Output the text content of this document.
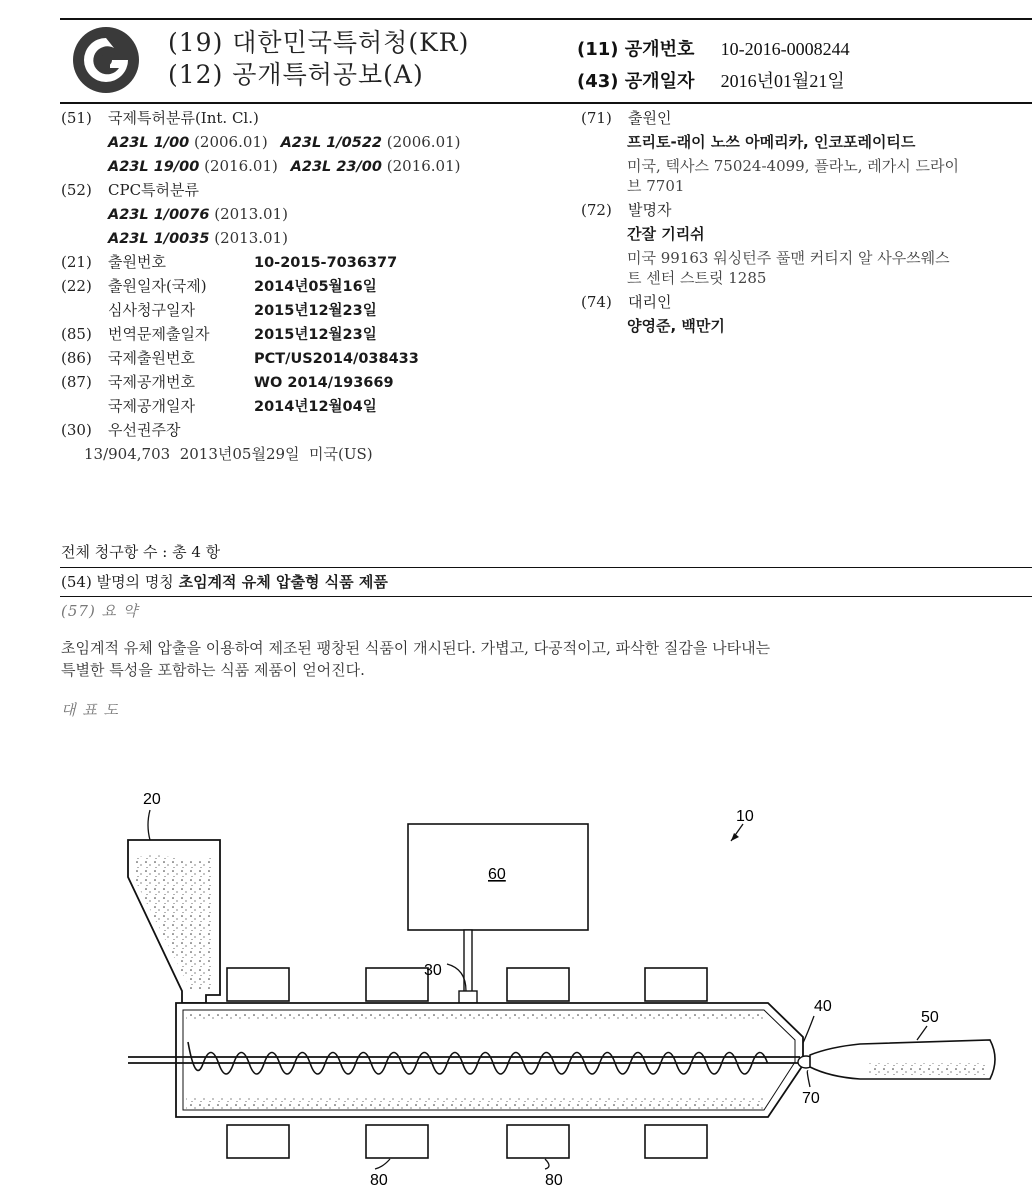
(19) 대한민국특허청(KR)
(12) 공개특허공보(A)
(11) 공개번호 10-2016-0008244
(43) 공개일자 2016년01월21일
(51) 국제특허분류(Int. Cl.)
A23L 1/00 (2006.01) A23L 1/0522 (2006.01)
A23L 19/00 (2016.01) A23L 23/00 (2016.01)
(52) CPC특허분류
A23L 1/0076 (2013.01)
A23L 1/0035 (2013.01)
(21) 출원번호	10-2015-7036377
(22) 출원일자(국제)	2014년05월16일
심사청구일자	2015년12월23일
(85) 번역문제출일자	2015년12월23일
(86) 국제출원번호	PCT/US2014/038433
(87) 국제공개번호	WO 2014/193669
국제공개일자	2014년12월04일
(30) 우선권주장
13/904,703  2013년05월29일  미국(US)
(71) 출원인
프리토-래이 노쓰 아메리카, 인코포레이티드
미국, 텍사스 75024-4099, 플라노, 레가시 드라이
브 7701
(72) 발명자
간잘 기리쉬
미국 99163 워싱턴주 풀맨 커티지 알 사우쓰웨스
트 센터 스트릿 1285
(74) 대리인
양영준, 백만기
전체 청구항 수 : 총 4 항
(54) 발명의 명칭 초임계적 유체 압출형 식품 제품
(57) 요 약
초임계적 유체 압출을 이용하여 제조된 팽창된 식품이 개시된다. 가볍고, 다공적이고, 파삭한 질감을 나타내는
특별한 특성을 포함하는 식품 제품이 얻어진다.
대 표 도
20
60
10
30
40
50
70
80	80
